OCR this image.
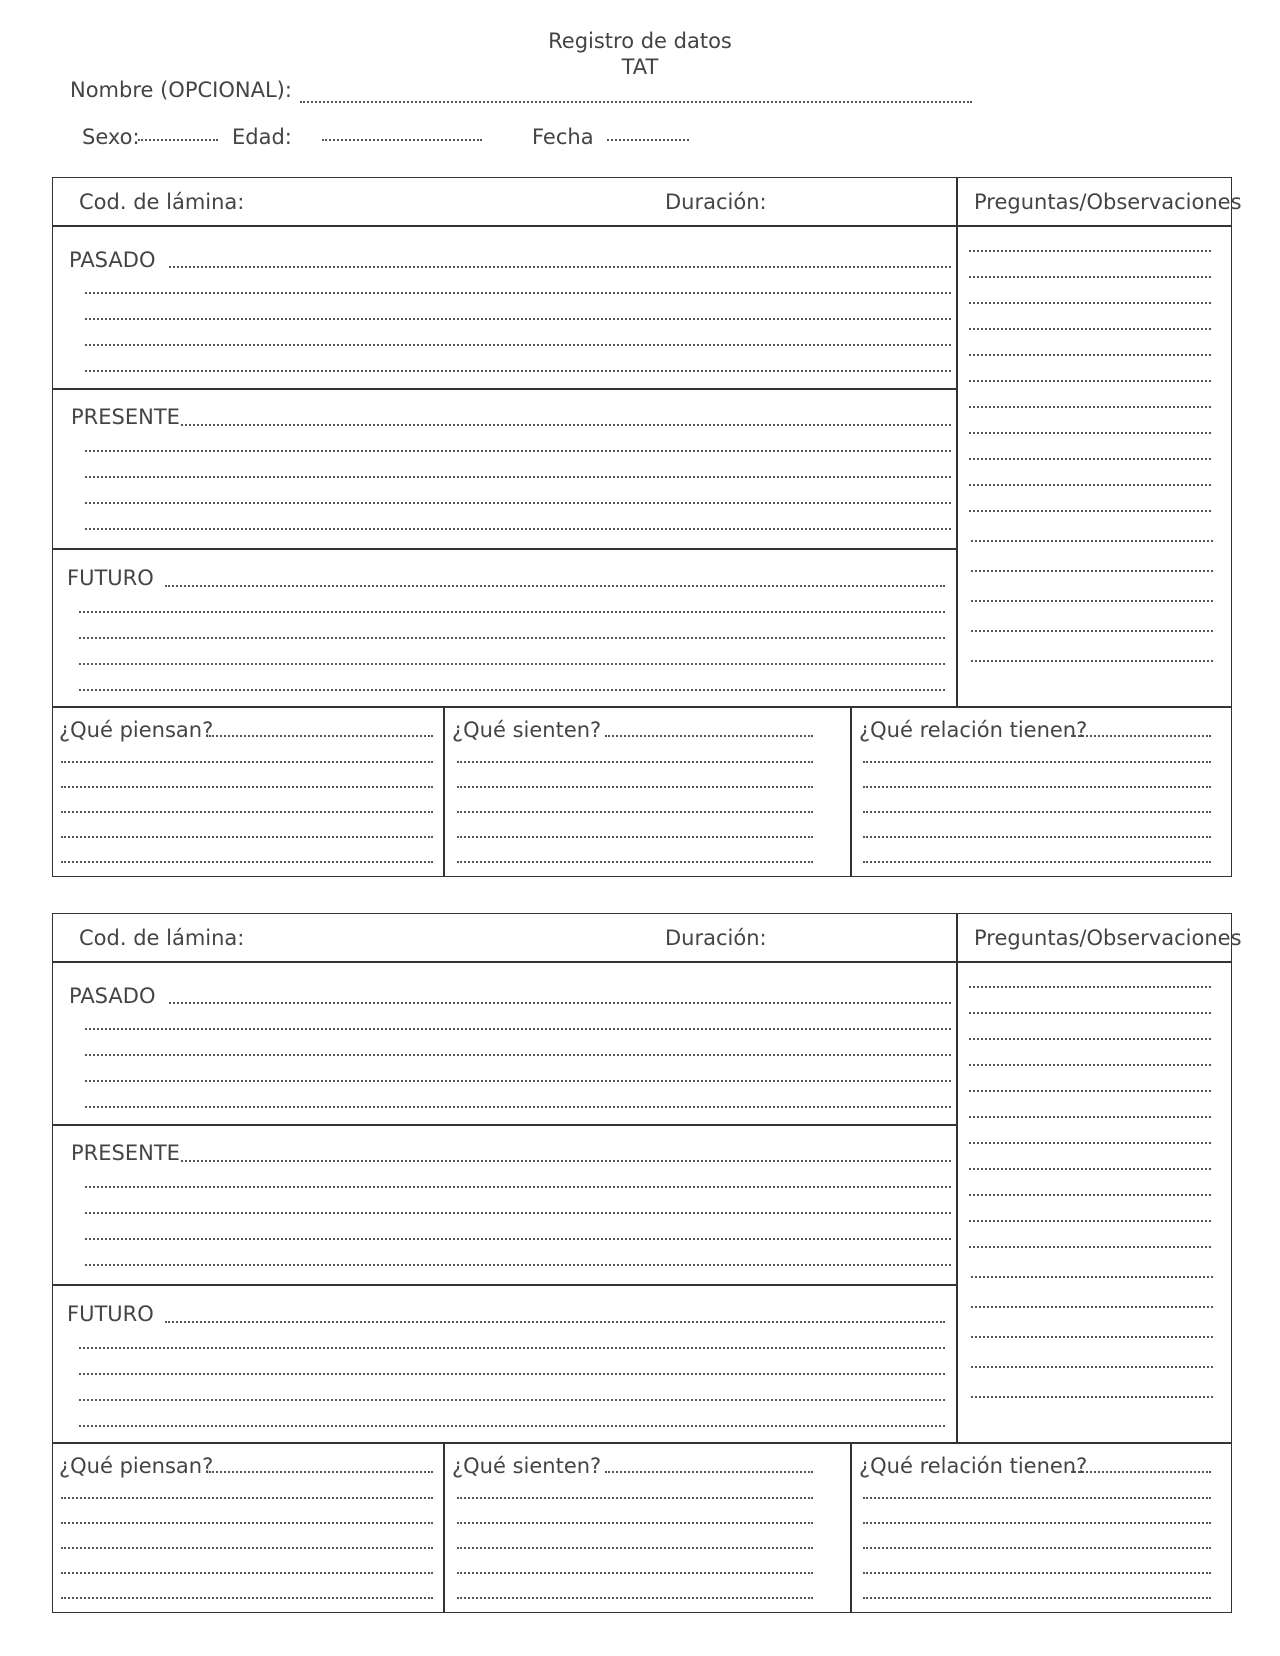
Registro de datos
TAT
Nombre (OPCIONAL):
Sexo:	Edad:	Fecha
Cod. de lámina:	Duración:	Preguntas/Observaciones
PASADO
PRESENTE
FUTURO
¿Qué piensan?	¿Qué sienten?	¿Qué relación tienen?
Cod. de lámina:	Duración:	Preguntas/Observaciones
PASADO
PRESENTE
FUTURO
¿Qué piensan?	¿Qué sienten?	¿Qué relación tienen?
